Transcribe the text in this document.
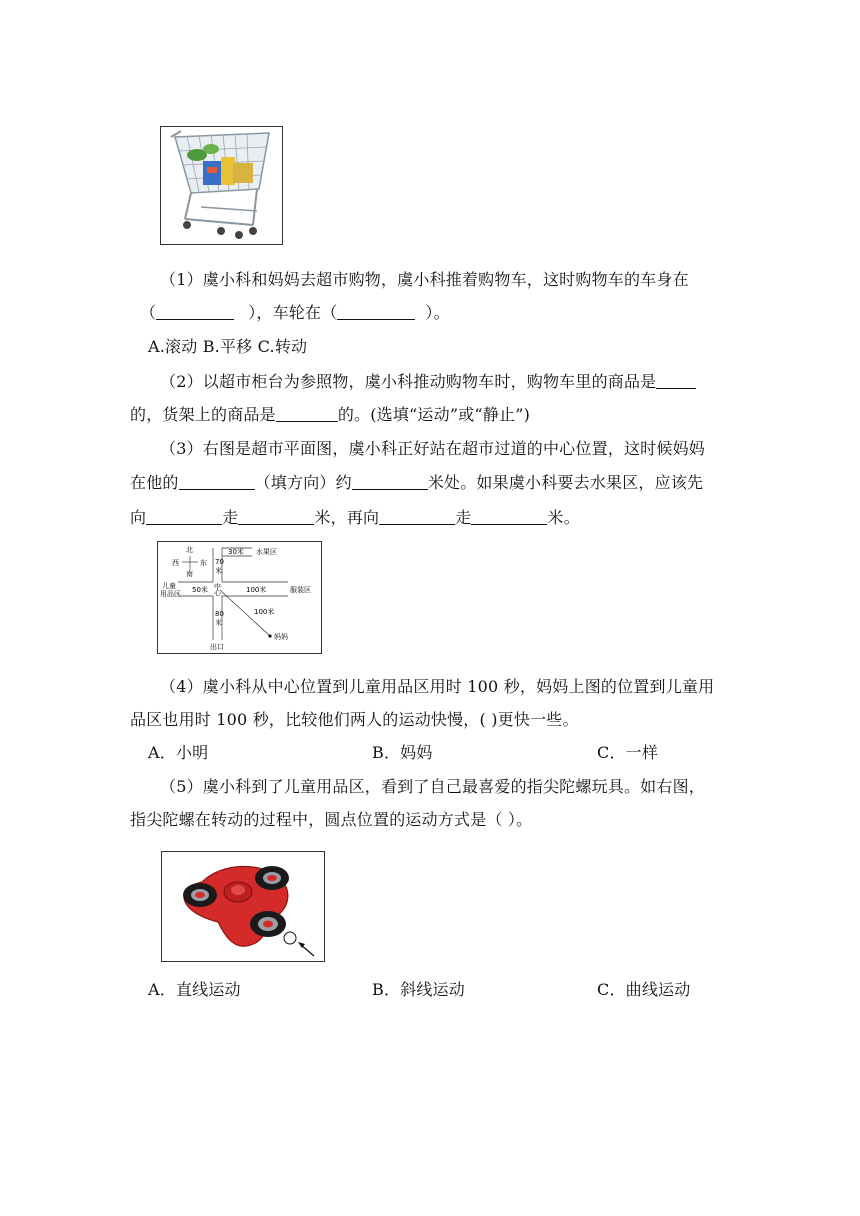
（1）虞小科和妈妈去超市购物，虞小科推着购物车，这时购物车的车身在
（	），车轮在（	）。
A.滚动 B.平移 C.转动
（2）以超市柜台为参照物，虞小科推动购物车时，购物车里的商品是
的，货架上的商品是	的。(选填“运动”或“静止”)
（3）右图是超市平面图，虞小科正好站在超市过道的中心位置，这时候妈妈
在他的	（填方向）约	米处。如果虞小科要去水果区，应该先
向	走	米，再向	走	米。
北
西	东
南
30米 水果区
70 米
儿童用品区 50米 中心	100米	服装区
100米
80 米
妈妈
出口
（4）虞小科从中心位置到儿童用品区用时 100 秒，妈妈上图的位置到儿童用
品区也用时 100 秒，比较他们两人的运动快慢，( )更快一些。
A．小明	B．妈妈	C．一样
（5）虞小科到了儿童用品区，看到了自己最喜爱的指尖陀螺玩具。如右图，
指尖陀螺在转动的过程中，圆点位置的运动方式是（ ）。
A．直线运动	B．斜线运动	C．曲线运动
